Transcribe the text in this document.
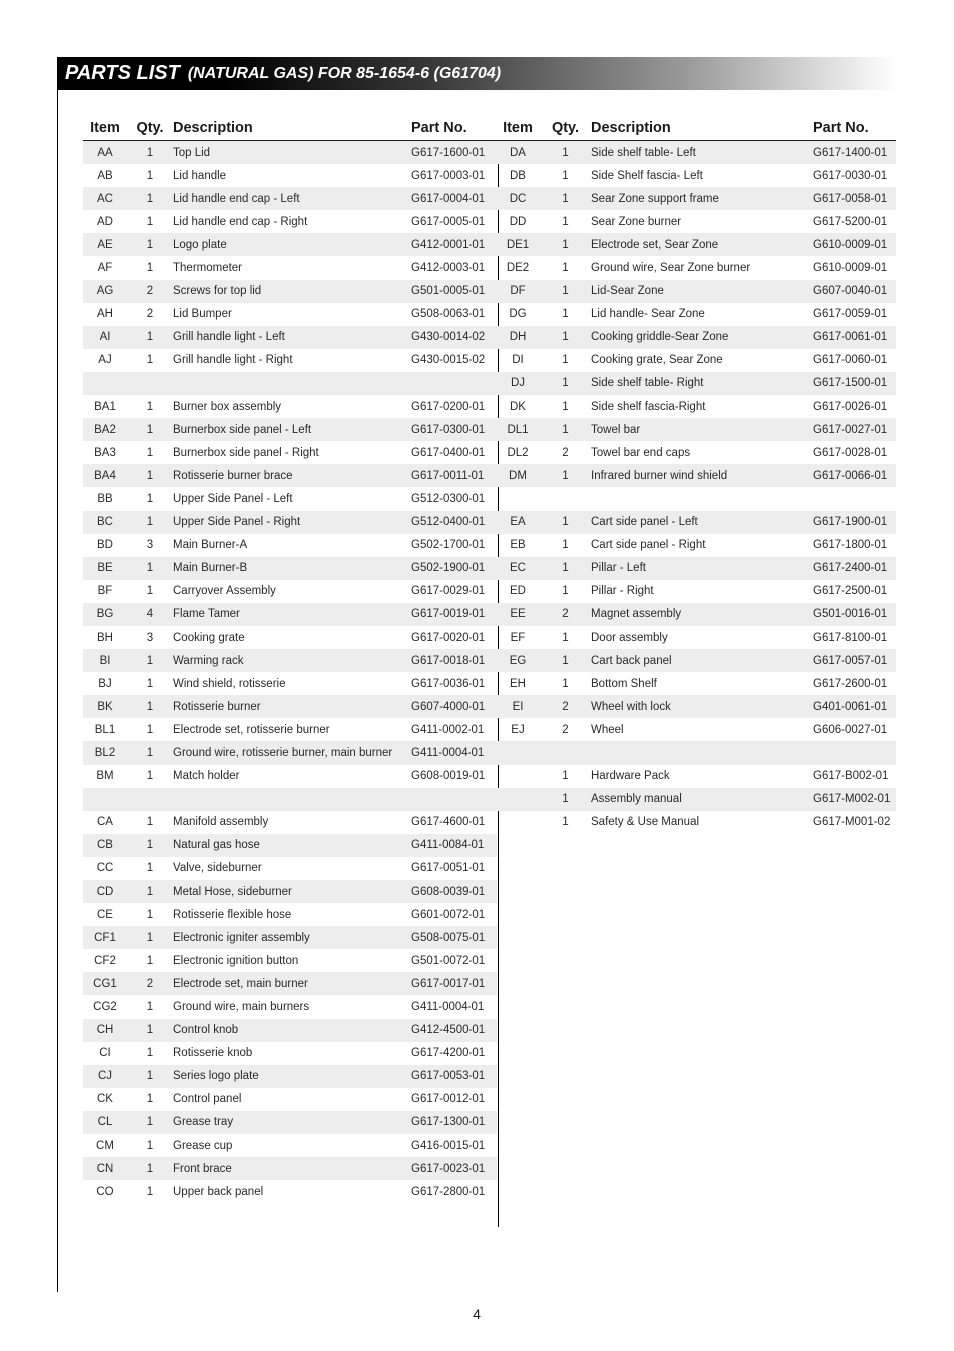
PARTS LIST (NATURAL GAS) FOR 85-1654-6 (G61704)
Item	Qty.	Description	Part No.
AA	1	Top Lid	G617-1600-01
AB	1	Lid handle	G617-0003-01
AC	1	Lid handle end cap - Left	G617-0004-01
AD	1	Lid handle end cap - Right	G617-0005-01
AE	1	Logo plate	G412-0001-01
AF	1	Thermometer	G412-0003-01
AG	2	Screws for top lid	G501-0005-01
AH	2	Lid Bumper	G508-0063-01
AI	1	Grill handle light - Left	G430-0014-02
AJ	1	Grill handle light - Right	G430-0015-02

BA1	1	Burner box assembly	G617-0200-01
BA2	1	Burnerbox side panel - Left	G617-0300-01
BA3	1	Burnerbox side panel - Right	G617-0400-01
BA4	1	Rotisserie burner brace	G617-0011-01
BB	1	Upper Side Panel - Left	G512-0300-01
BC	1	Upper Side Panel - Right	G512-0400-01
BD	3	Main Burner-A	G502-1700-01
BE	1	Main Burner-B	G502-1900-01
BF	1	Carryover Assembly	G617-0029-01
BG	4	Flame Tamer	G617-0019-01
BH	3	Cooking grate	G617-0020-01
BI	1	Warming rack	G617-0018-01
BJ	1	Wind shield, rotisserie	G617-0036-01
BK	1	Rotisserie burner	G607-4000-01
BL1	1	Electrode set, rotisserie burner	G411-0002-01
BL2	1	Ground wire, rotisserie burner, main burner	G411-0004-01
BM	1	Match holder	G608-0019-01

CA	1	Manifold assembly	G617-4600-01
CB	1	Natural gas hose	G411-0084-01
CC	1	Valve, sideburner	G617-0051-01
CD	1	Metal Hose, sideburner	G608-0039-01
CE	1	Rotisserie flexible hose	G601-0072-01
CF1	1	Electronic igniter assembly	G508-0075-01
CF2	1	Electronic ignition button	G501-0072-01
CG1	2	Electrode set, main burner	G617-0017-01
CG2	1	Ground wire, main burners	G411-0004-01
CH	1	Control knob	G412-4500-01
CI	1	Rotisserie knob	G617-4200-01
CJ	1	Series logo plate	G617-0053-01
CK	1	Control panel	G617-0012-01
CL	1	Grease tray	G617-1300-01
CM	1	Grease cup	G416-0015-01
CN	1	Front brace	G617-0023-01
CO	1	Upper back panel	G617-2800-01
Item	Qty.	Description	Part No.
DA	1	Side shelf table- Left	G617-1400-01
DB	1	Side Shelf fascia- Left	G617-0030-01
DC	1	Sear Zone support frame	G617-0058-01
DD	1	Sear Zone burner	G617-5200-01
DE1	1	Electrode set, Sear Zone	G610-0009-01
DE2	1	Ground wire, Sear Zone burner	G610-0009-01
DF	1	Lid-Sear Zone	G607-0040-01
DG	1	Lid handle- Sear Zone	G617-0059-01
DH	1	Cooking griddle-Sear Zone	G617-0061-01
DI	1	Cooking grate, Sear Zone	G617-0060-01
DJ	1	Side shelf table- Right	G617-1500-01
DK	1	Side shelf fascia-Right	G617-0026-01
DL1	1	Towel bar	G617-0027-01
DL2	2	Towel bar end caps	G617-0028-01
DM	1	Infrared burner wind shield	G617-0066-01

EA	1	Cart side panel - Left	G617-1900-01
EB	1	Cart side panel - Right	G617-1800-01
EC	1	Pillar - Left	G617-2400-01
ED	1	Pillar - Right	G617-2500-01
EE	2	Magnet assembly	G501-0016-01
EF	1	Door assembly	G617-8100-01
EG	1	Cart back panel	G617-0057-01
EH	1	Bottom Shelf	G617-2600-01
EI	2	Wheel with lock	G401-0061-01
EJ	2	Wheel	G606-0027-01

	1	Hardware Pack	G617-B002-01
	1	Assembly manual	G617-M002-01
	1	Safety & Use Manual	G617-M001-02
4
